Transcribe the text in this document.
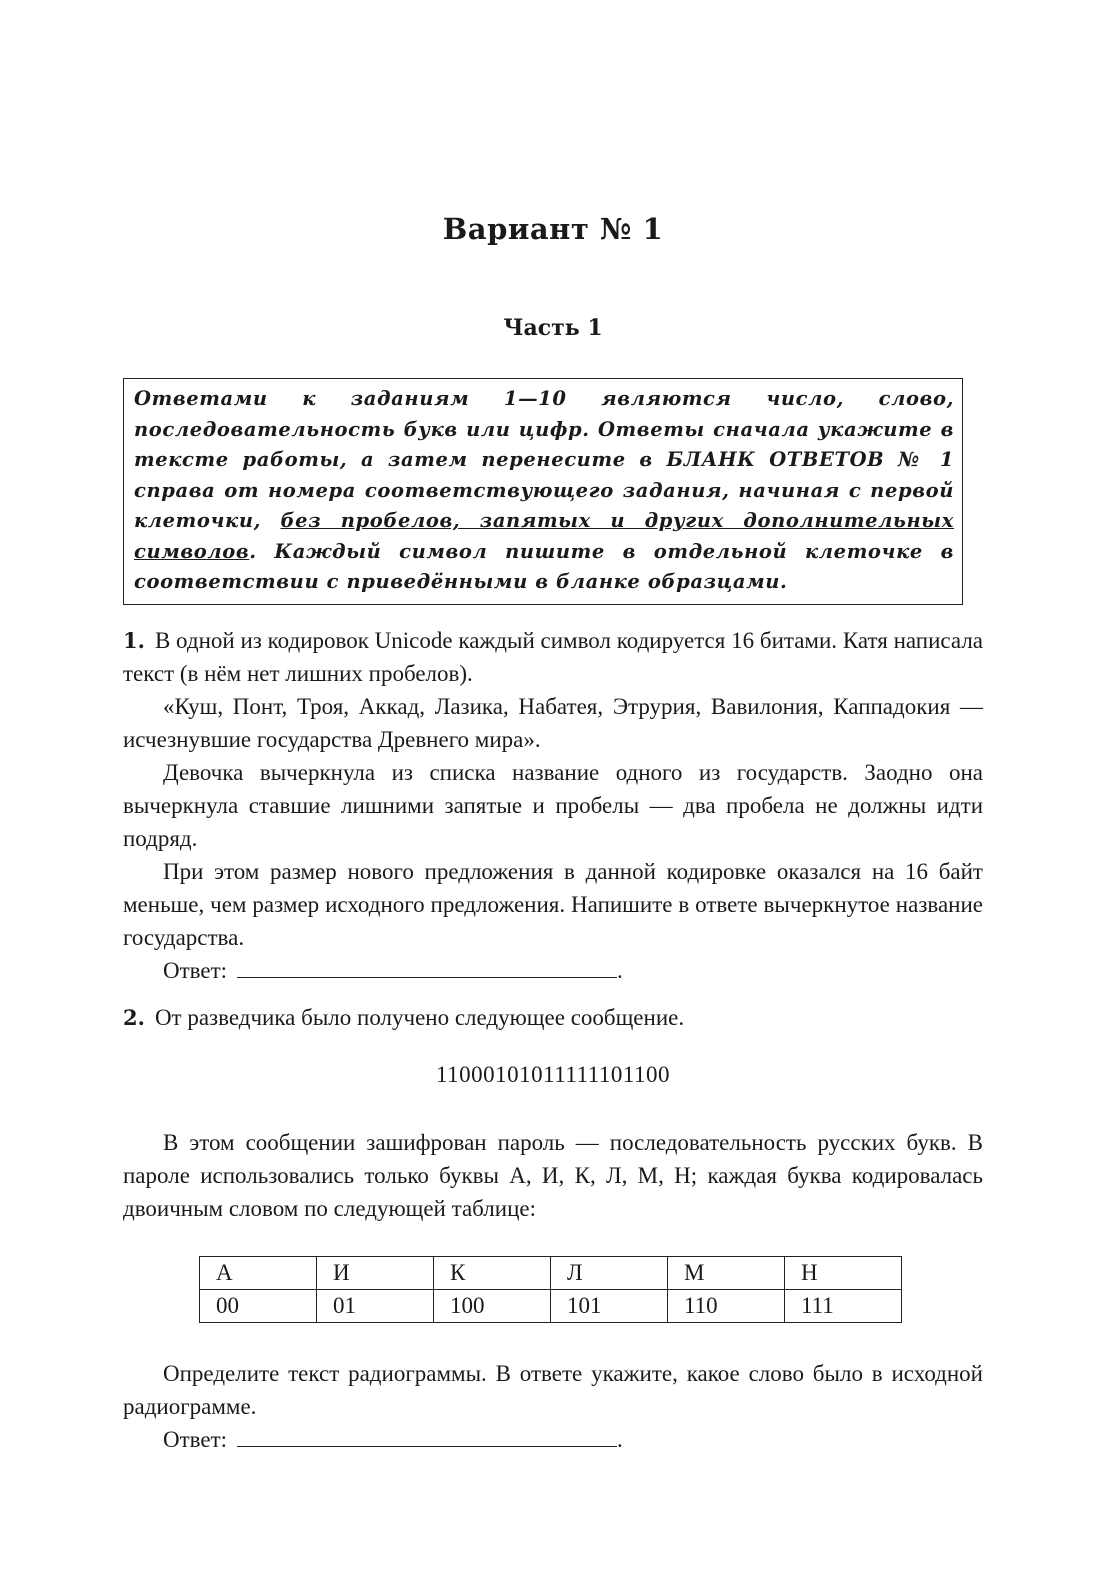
Вариант № 1
Часть 1
Ответами к заданиям 1—10 являются число, слово, последовательность букв или цифр. Ответы сначала укажите в тексте работы, а затем перенесите в БЛАНК ОТВЕТОВ № 1 справа от номера соответствующего задания, начиная с первой клеточки, без пробелов, запятых и других дополнительных символов. Каждый символ пишите в отдельной клеточке в соответствии с приведёнными в бланке образцами.

1. В одной из кодировок Unicode каждый символ кодируется 16 битами. Катя написала текст (в нём нет лишних пробелов).

«Куш, Понт, Троя, Аккад, Лазика, Набатея, Этрурия, Вавилония, Каппадокия — исчезнувшие государства Древнего мира».

Девочка вычеркнула из списка название одного из государств. Заодно она вычеркнула ставшие лишними запятые и пробелы — два пробела не должны идти подряд.

При этом размер нового предложения в данной кодировке оказался на 16 байт меньше, чем размер исходного предложения. Напишите в ответе вычеркнутое название государства.

Ответ:	.

2. От разведчика было получено следующее сообщение.

11000101011111101100

В этом сообщении зашифрован пароль — последовательность русских букв. В пароле использовались только буквы А, И, К, Л, М, Н; каждая буква кодировалась двоичным словом по следующей таблице:

А	И	К	Л	М	Н
00	01	100	101	110	111

Определите текст радиограммы. В ответе укажите, какое слово было в исходной радиограмме.

Ответ:	.
